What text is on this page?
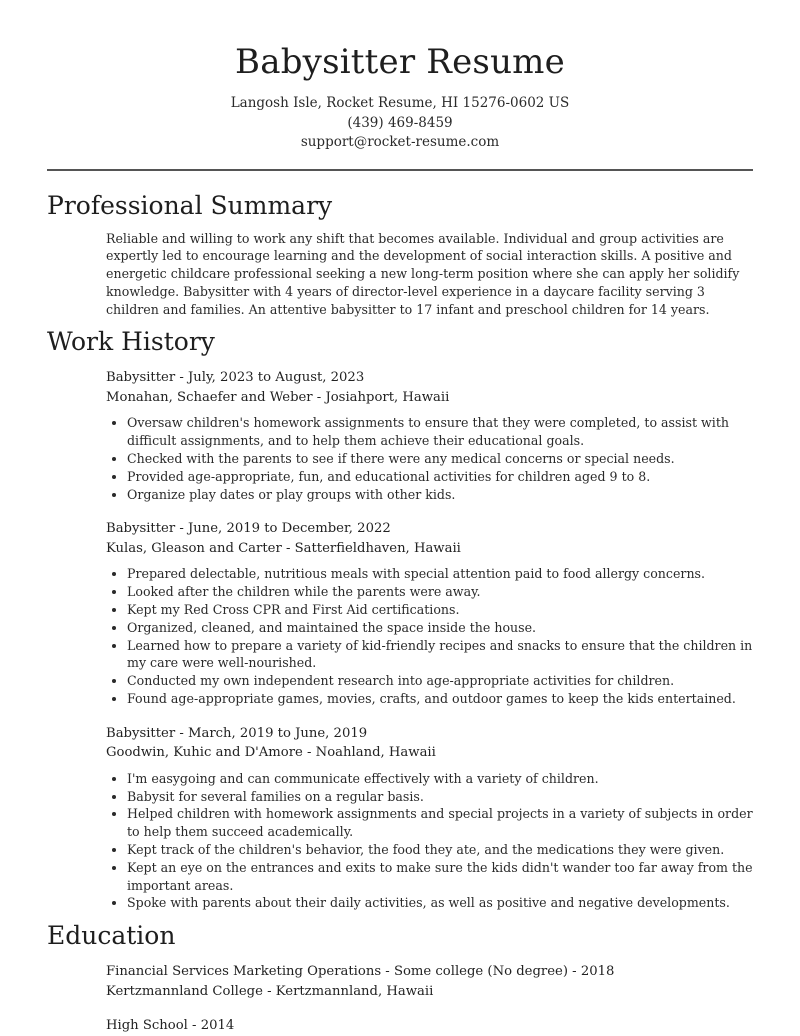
Babysitter Resume
Langosh Isle, Rocket Resume, HI 15276-0602 US
(439) 469-8459
support@rocket-resume.com
Professional Summary
Reliable and willing to work any shift that becomes available. Individual and group activities are expertly led to encourage learning and the development of social interaction skills. A positive and energetic childcare professional seeking a new long-term position where she can apply her solidify knowledge. Babysitter with 4 years of director-level experience in a daycare facility serving 3 children and families. An attentive babysitter to 17 infant and preschool children for 14 years.
Work History
Babysitter - July, 2023 to August, 2023
Monahan, Schaefer and Weber - Josiahport, Hawaii
• Oversaw children's homework assignments to ensure that they were completed, to assist with difficult assignments, and to help them achieve their educational goals.
• Checked with the parents to see if there were any medical concerns or special needs.
• Provided age-appropriate, fun, and educational activities for children aged 9 to 8.
• Organize play dates or play groups with other kids.
Babysitter - June, 2019 to December, 2022
Kulas, Gleason and Carter - Satterfieldhaven, Hawaii
• Prepared delectable, nutritious meals with special attention paid to food allergy concerns.
• Looked after the children while the parents were away.
• Kept my Red Cross CPR and First Aid certifications.
• Organized, cleaned, and maintained the space inside the house.
• Learned how to prepare a variety of kid-friendly recipes and snacks to ensure that the children in my care were well-nourished.
• Conducted my own independent research into age-appropriate activities for children.
• Found age-appropriate games, movies, crafts, and outdoor games to keep the kids entertained.
Babysitter - March, 2019 to June, 2019
Goodwin, Kuhic and D'Amore - Noahland, Hawaii
• I'm easygoing and can communicate effectively with a variety of children.
• Babysit for several families on a regular basis.
• Helped children with homework assignments and special projects in a variety of subjects in order to help them succeed academically.
• Kept track of the children's behavior, the food they ate, and the medications they were given.
• Kept an eye on the entrances and exits to make sure the kids didn't wander too far away from the important areas.
• Spoke with parents about their daily activities, as well as positive and negative developments.
Education
Financial Services Marketing Operations - Some college (No degree) - 2018
Kertzmannland College - Kertzmannland, Hawaii
High School - 2014
